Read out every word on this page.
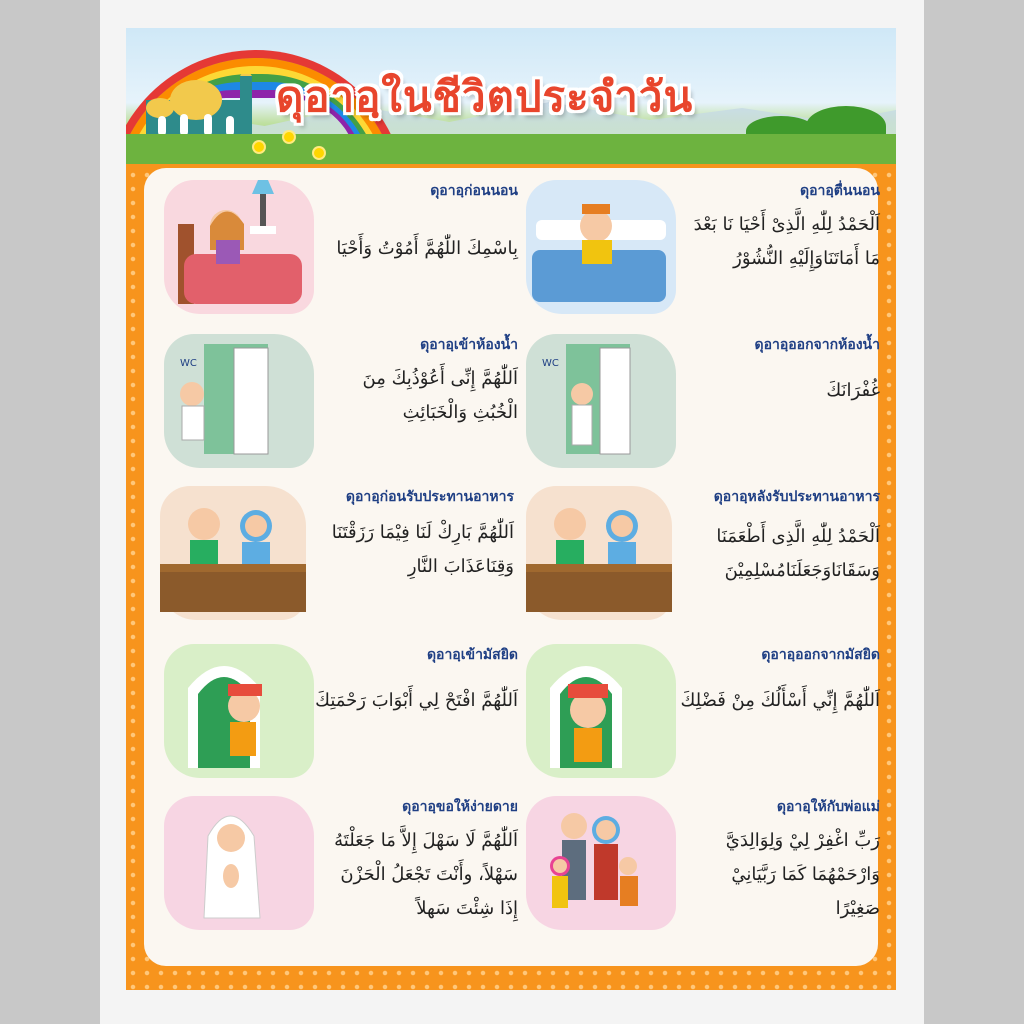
ดุอาอฺในชีวิตประจำวัน
ดุอาอฺก่อนนอน
بِاسْمِكَ اللّٰهُمَّ أَمُوْتُ وَأَحْيَا
ดุอาอฺตื่นนอน
اَلْحَمْدُ لِلّٰهِ الَّذِىْ أَحْيَا نَا بَعْدَ
مَا أَمَاتَنَاوَإِلَيْهِ النُّشُوْرُ
WC
ดุอาอฺเข้าห้องน้ำ
اَللّٰهُمَّ إِنِّى أَعُوْذُبِكَ مِنَ
الْخُبُثِ وَالْخَبَائِثِ
WC
ดุอาอฺออกจากห้องน้ำ
غُفْرَانَكَ
ดุอาอฺก่อนรับประทานอาหาร
اَللّٰهُمَّ بَارِكْ لَنَا فِيْمَا رَزَقْتَنَا
وَقِنَاعَذَابَ النَّارِ
ดุอาอฺหลังรับประทานอาหาร
اَلْحَمْدُ لِلّٰهِ الَّذِى أَطْعَمَنَا
وَسَقَانَاوَجَعَلَنَامُسْلِمِيْنَ
ดุอาอฺเข้ามัสยิด
اَللّٰهُمَّ افْتَحْ لِي أَبْوَابَ رَحْمَتِكَ
ดุอาอฺออกจากมัสยิด
اَللّٰهُمَّ إِنِّي أَسْأَلُكَ مِنْ فَضْلِكَ
ดุอาอฺขอให้ง่ายดาย
اَللّٰهُمَّ لَا سَهْلَ إِلاَّ مَا جَعَلْتَهُ
سَهْلاً، وأَنْتَ تَجْعَلُ الْحَزْنَ
إِذَا شِئْتَ سَهلاً
ดุอาอฺให้กับพ่อแม่
رَبِّ اغْفِرْ لِيْ وَلِوَالِدَيَّ
وَارْحَمْهُمَا كَمَا رَبَّيَانِيْ
صَغِيْرًا
